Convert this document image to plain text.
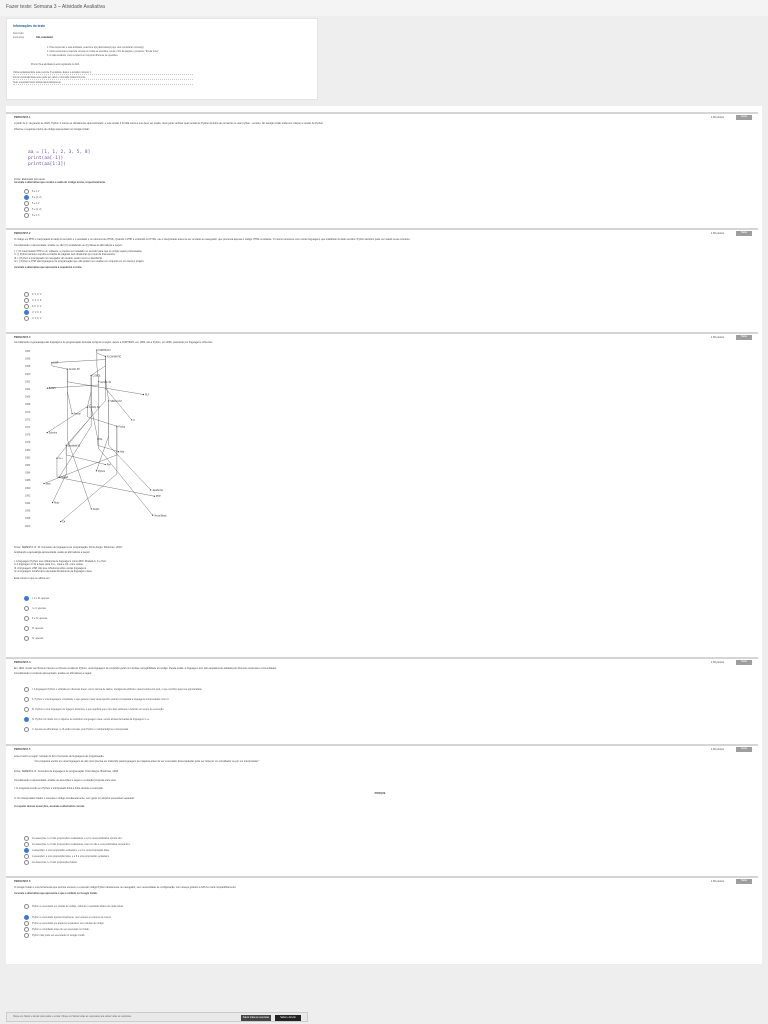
Fazer teste: Semana 3 – Atividade Avaliativa
Informações do teste
Descrição
Instruções	Olá, estudante!
1. Para responder a esta atividade, selecione a(s) alternativa(s) que você considerar correta(s);
2. Após selecionar a resposta correta em todas as questões, vá até o fim da página e pressione "Enviar teste".
3. A cada tentativa, você receberá um conjunto diferente de questões.
Pronto! Sua atividade já está registrada no AVA.
Várias tentativas Este teste permite 3 tentativas. Esta é a tentativa número 1.
Forçar conclusão Este teste pode ser salvo e retomado posteriormente.
Suas respostas foram salvas automaticamente.
PERGUNTA 1	1,66 pontos	Salva
A partir de 1º de janeiro de 2020, Python 2 tornou-se oficialmente descontinuado, e sua versão 3 foi tida como a que deve ser usada. Você pode verificar qual versão de Python da linha de comando ou usar python --version. No Google Colab podemos colocar a versão do Python.
Observe o seguinte trecho de código apresentado no Google Colab:
aa = [1, 1, 2, 3, 5, 8]
print(aa[-1])
print(aa[1:3])
Fonte: Elaborado pelo autor.
Assinale a alternativa que contém a saída do código acima, respectivamente.
8 e 1 2
8 e [1, 2]
5 e 1 2
5 e [1, 2]
8 e 1 3
PERGUNTA 2	1,66 pontos	Salva
O código em PHP é interpretado do lado do servidor e o resultado é um documento HTML. Quando o PHP é embutido no HTML, ele é interpretado antes de ser enviado ao navegador, que processa apenas o código HTML resultante. O mesmo acontece com outras linguagens que trabalham do lado servidor. Python também pode ser usado nesse contexto.
Considerando o apresentado, analise se são (V) verdadeiras ou (F) falsas as afirmativas a seguir.
I. ( ) O interpretador PHP é um software, e precisa ser instalado no servidor para que os scripts sejam processados.
II. ( ) Python também suporta a criação de páginas web dinâmicas por meio de frameworks.
III. ( ) Python é interpretado no navegador do usuário, assim como o JavaScript.
IV. ( ) Python e PHP são linguagens de programação que não podem ser usadas em conjunto em um mesmo projeto.
Assinale a alternativa que apresenta a sequência correta.
F, V, F, V.
V, F, V, F.
F, F, V, V.
V, V, F, F.
V, F, F, V.
PERGUNTA 3	1,66 pontos	Salva
Considerando a genealogia das linguagens de programação ilustrada na figura a seguir, desde a FORTRAN, em 1954, até a Python, em 2000, passando por linguagens influentes.
1954
1956
1958
1960
1962
1964
1966
1968
1970
1972
1974
1976
1978
1980
1982
1984
1986
1988
1990
1992
1994
1996
1998
2000
FORTRAN I
FLOW-MATIC
LISP
ALGOL 58
COBOL
ALGOL 60
BASIC
PL/I
SIMULA 67
ALGOL 68
Pascal
C
Prolog
Scheme
ML
Smalltalk 80
Ada
C++
Perl
Python
Haskell
Java
JavaScript
PHP
Ruby
Delphi
Visual Basic
C#
Fonte: SEBESTA, R. W. Conceitos de linguagens de programação. Porto Alegre: Bookman, 2018.
Analisando a genealogia apresentada, avalie as afirmativas a seguir.
I. A linguagem Python teve influência de linguagens como ABC, Modula-3, C e Perl.
II. A linguagem C foi a base para C++, Java e C#, entre outras.
III. A linguagem LISP não teve influência sobre outras linguagens.
IV. A linguagem JavaScript é derivada diretamente da linguagem Java.
Está correto o que se afirma em:
I, II e III, apenas.
I e II, apenas.
II e IV, apenas.
III, apenas.
IV, apenas.
PERGUNTA 4	1,66 pontos	Salva
Em 1991, Guido van Rossum lançou a primeira versão de Python, uma linguagem de propósito geral com ênfase na legibilidade do código. Desde então, a linguagem tem sido amplamente adotada por diversas empresas e comunidades.
Considerando o contexto apresentado, analise as afirmativas a seguir.
I. A linguagem Python é utilizada em diversas áreas, como ciência de dados, inteligência artificial e desenvolvimento web, o que contribui para sua popularidade.
II. Python é uma linguagem compilada, o que garante maior desempenho quando comparada a linguagens interpretadas como C.
III. Python é uma linguagem de tipagem dinâmica, o que significa que o tipo das variáveis é definido em tempo de execução.
IV. Python foi criado com o objetivo de substituir a linguagem Java, sendo ambas derivadas da linguagem C++.
V. Apenas as afirmativas I e III estão corretas, pois Python é multiparadigma e interpretada.
PERGUNTA 5	1,66 pontos	Salva
Leia o trecho a seguir, retirado do livro Conceitos de linguagens de programação.
"Um programa escrito em uma linguagem de alto nível precisa ser traduzido para linguagem de máquina antes de ser executado. Essa tradução pode ser feita por um compilador ou por um interpretador."
Fonte: SEBESTA, R. Conceitos de linguagens de programação. Porto Alegre: Bookman, 2018.
Considerando o apresentado, analise as asserções a seguir e a relação proposta entre elas.
I. O programa escrito em Python é interpretado linha a linha durante a execução.
PORQUE
II. Um interpretador traduz e executa o código simultaneamente, sem gerar um arquivo executável separado.
A respeito dessas asserções, assinale a alternativa correta.
As asserções I e II são proposições verdadeiras, e a II é uma justificativa correta da I.
As asserções I e II são proposições verdadeiras, mas a II não é uma justificativa correta da I.
A asserção I é uma proposição verdadeira, e a II é uma proposição falsa.
A asserção I é uma proposição falsa, e a II é uma proposição verdadeira.
As asserções I e II são proposições falsas.
PERGUNTA 6	1,66 pontos	Salva
O Google Colab é uma ferramenta que permite escrever e executar código Python diretamente no navegador, sem necessidade de configuração, com acesso gratuito a GPUs e fácil compartilhamento.
Assinale a alternativa que apresenta o que é exibido no Google Colab.
Python é executado em células de código, exibindo o resultado abaixo de cada célula.
Python é executado apenas localmente, sem acesso a recursos na nuvem.
Python é executado em arquivos separados, sem células de código.
Python é compilado antes de ser executado no Colab.
Python não pode ser executado no Google Colab.
Clique em Salvar e Enviar para salvar e enviar. Clique em Salvar todas as respostas para salvar todas as respostas.	Salvar todas as respostas	Salvar e Enviar
